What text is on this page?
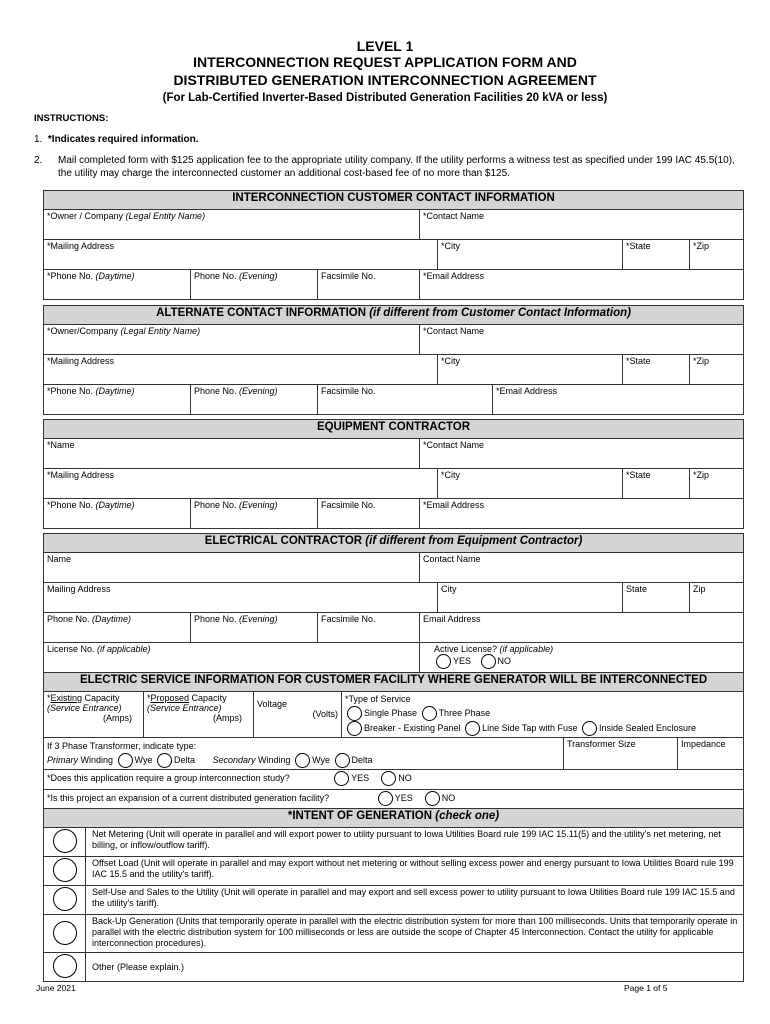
LEVEL 1
INTERCONNECTION REQUEST APPLICATION FORM AND
DISTRIBUTED GENERATION INTERCONNECTION AGREEMENT
(For Lab-Certified Inverter-Based Distributed Generation Facilities 20 kVA or less)
INSTRUCTIONS:
1. *Indicates required information.
2. Mail completed form with $125 application fee to the appropriate utility company. If the utility performs a witness test as specified under 199 IAC 45.5(10), the utility may charge the interconnected customer an additional cost-based fee of no more than $125.
INTERCONNECTION CUSTOMER CONTACT INFORMATION						
*Owner / Company (Legal Entity Name)			*Contact Name			
*Mailing Address				*City	*State	*Zip
*Phone No. (Daytime)	Phone No. (Evening)	Facsimile No.	*Email Address			
ALTERNATE CONTACT INFORMATION (if different from Customer Contact Information)							
*Owner/Company (Legal Entity Name)			*Contact Name				
*Mailing Address				*City		*State	*Zip
*Phone No. (Daytime)	Phone No. (Evening)	Facsimile No.			*Email Address		
EQUIPMENT CONTRACTOR						
*Name			*Contact Name			
*Mailing Address				*City	*State	*Zip
*Phone No. (Daytime)	Phone No. (Evening)	Facsimile No.	*Email Address			
ELECTRICAL CONTRACTOR (if different from Equipment Contractor)						
Name			Contact Name			
Mailing Address				City	State	Zip
Phone No. (Daytime)	Phone No. (Evening)	Facsimile No.	Email Address			
License No. (if applicable)			Active License? (if applicable)
YES NO			
ELECTRIC SERVICE INFORMATION FOR CUSTOMER FACILITY WHERE GENERATOR WILL BE INTERCONNECTED					
*Existing Capacity
(Service Entrance)
(Amps)	*Proposed Capacity
(Service Entrance)
(Amps)	Voltage
(Volts)	*Type of Service
Single Phase Three Phase
Breaker - Existing Panel Line Side Tap with Fuse Inside Sealed Enclosure		
If 3 Phase Transformer, indicate type:
Primary Winding Wye Delta Secondary Winding Wye Delta				Transformer Size	Impedance
*Does this application require a group interconnection study? YES NO					
*Is this project an expansion of a current distributed generation facility? YES NO					
*INTENT OF GENERATION (check one)	
	Net Metering (Unit will operate in parallel and will export power to utility pursuant to Iowa Utilities Board rule 199 IAC 15.11(5) and the utility's net metering, net billing, or inflow/outflow tariff).
	Offset Load (Unit will operate in parallel and may export without net metering or without selling excess power and energy pursuant to Iowa Utilities Board rule 199 IAC 15.5 and the utility's tariff).
	Self-Use and Sales to the Utility (Unit will operate in parallel and may export and sell excess power to utility pursuant to Iowa Utilities Board rule 199 IAC 15.5 and the utility's tariff).
	Back-Up Generation (Units that temporarily operate in parallel with the electric distribution system for more than 100 milliseconds. Units that temporarily operate in parallel with the electric distribution system for 100 milliseconds or less are outside the scope of Chapter 45 Interconnection. Contact the utility for applicable interconnection procedures).
	Other (Please explain.)
June 2021	Page 1 of 5
